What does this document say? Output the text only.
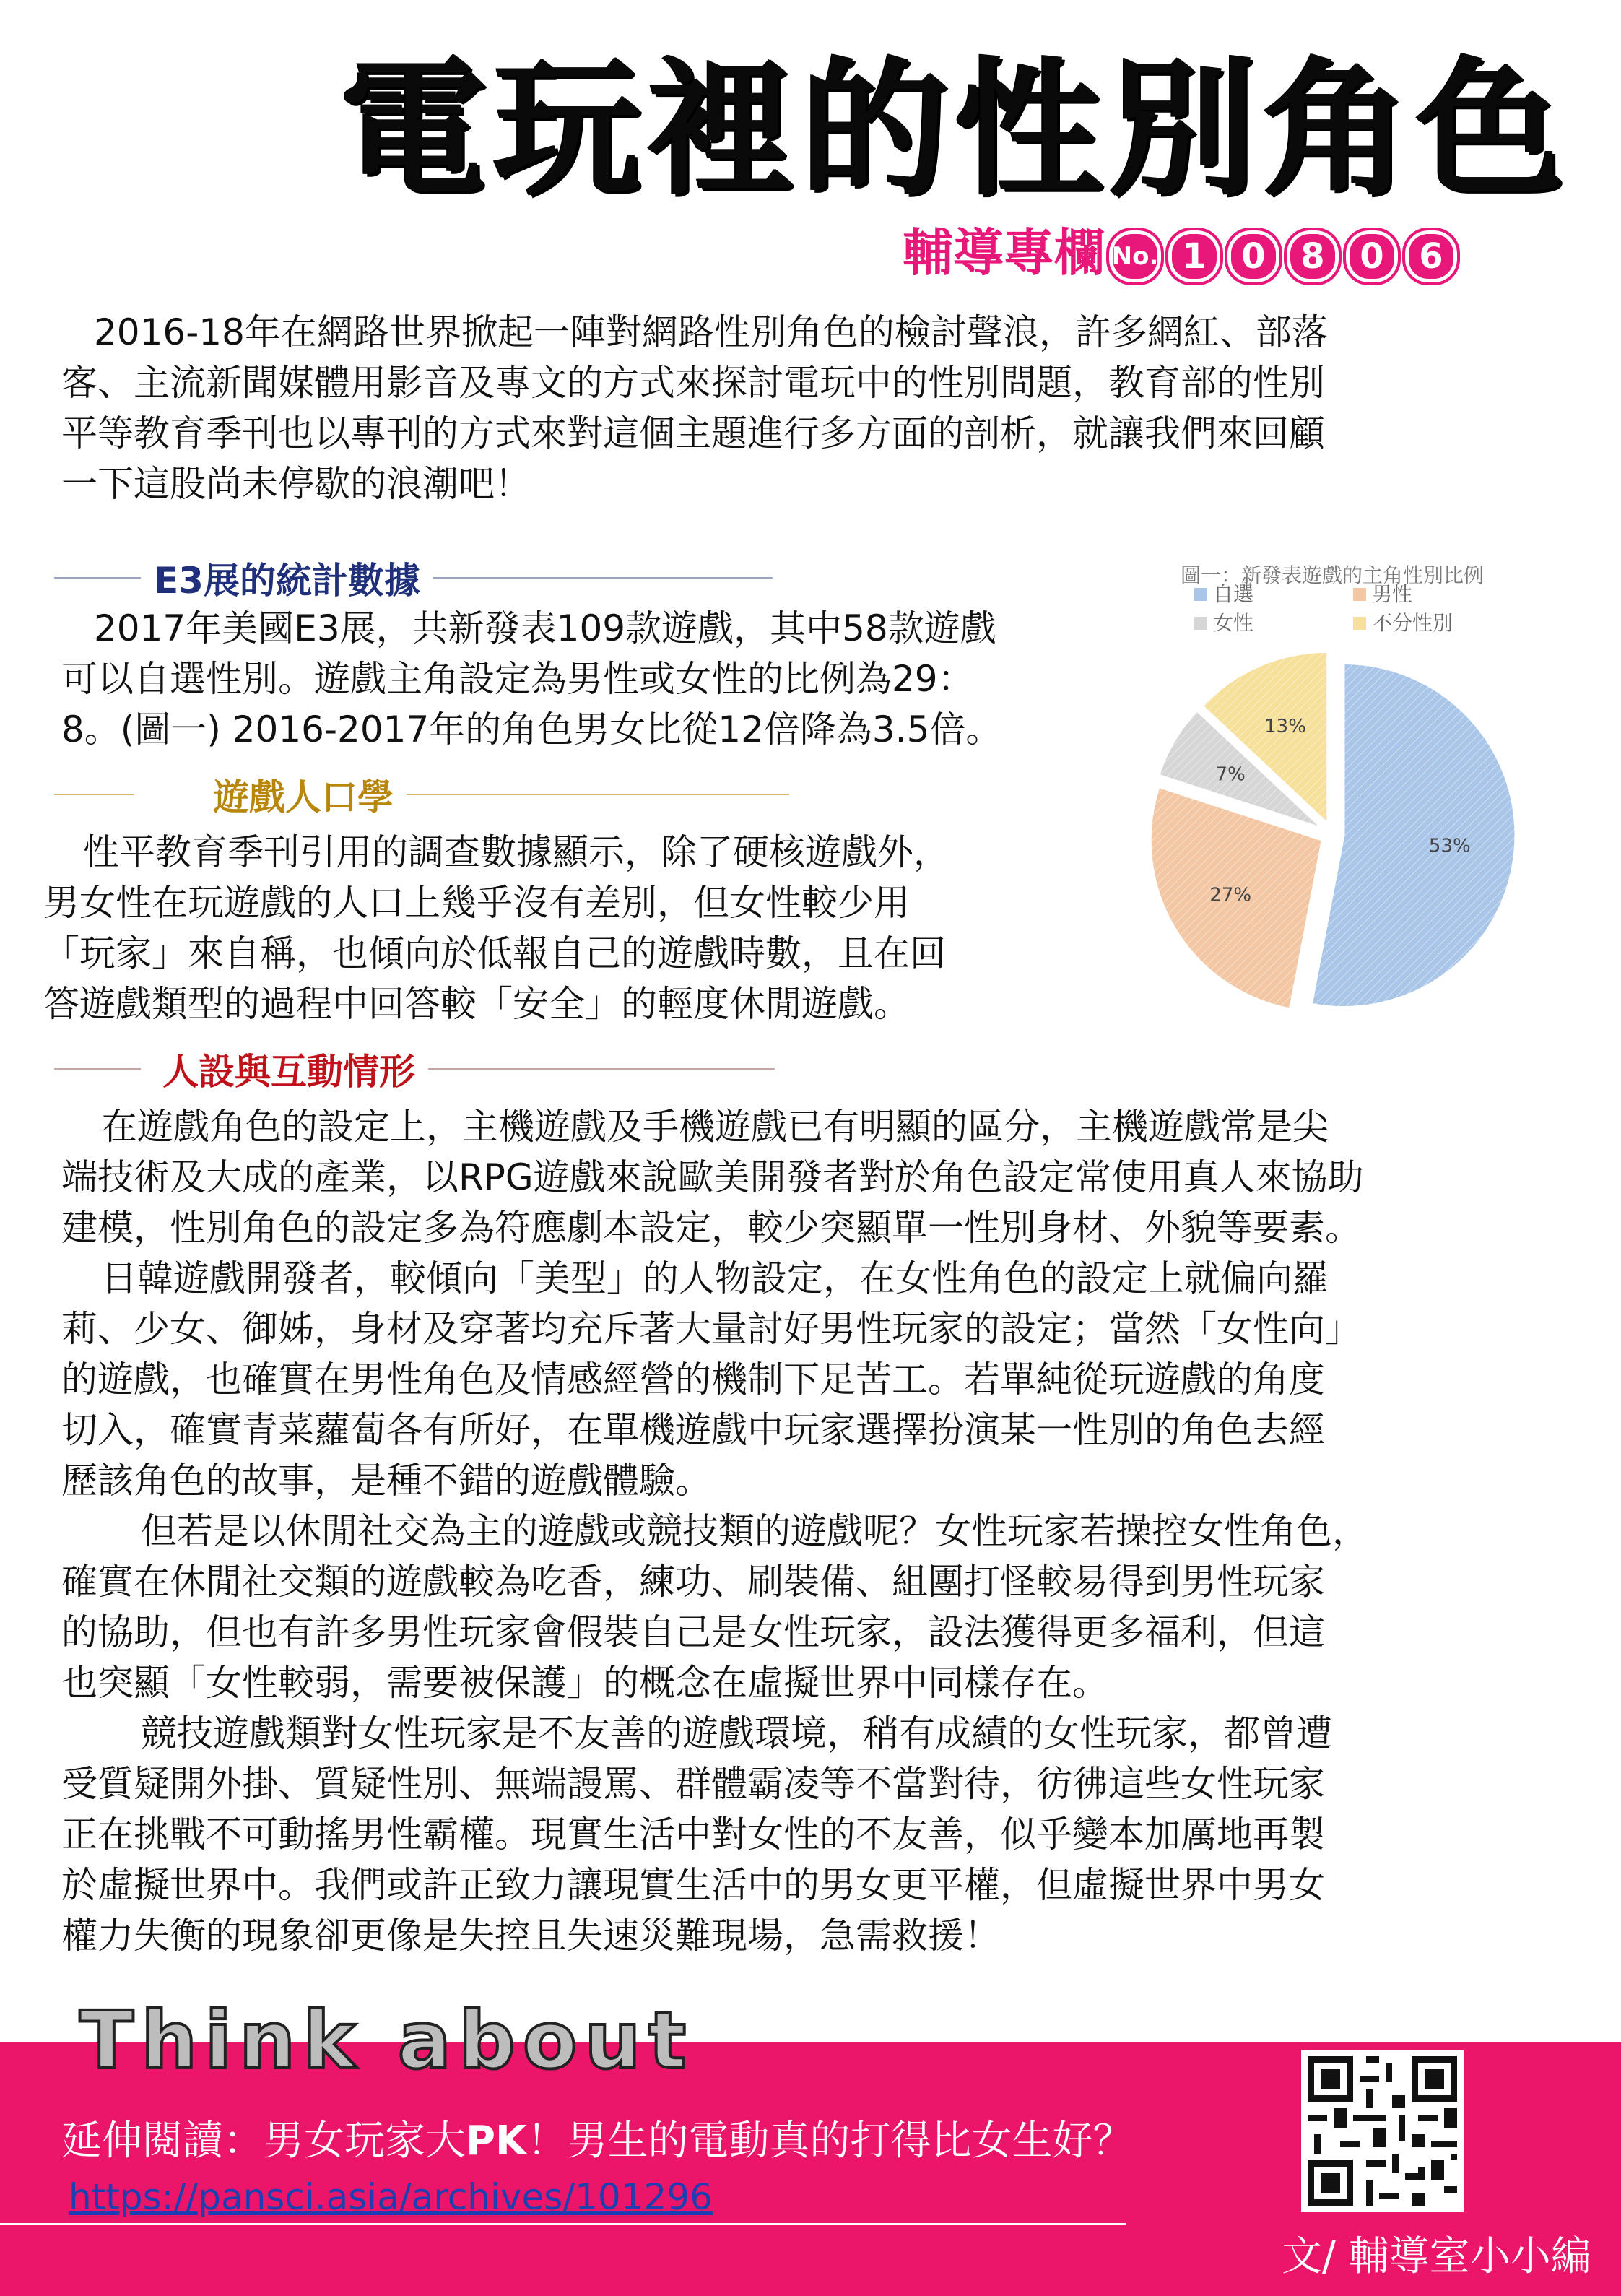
電玩裡的性別角色
輔導專欄 No. 1 0 8 0 6
2016-18年在網路世界掀起一陣對網路性別角色的檢討聲浪，許多網紅、部落
客、主流新聞媒體用影音及專文的方式來探討電玩中的性別問題，教育部的性別
平等教育季刊也以專刊的方式來對這個主題進行多方面的剖析，就讓我們來回顧
一下這股尚未停歇的浪潮吧！
E3展的統計數據
2017年美國E3展，共新發表109款遊戲，其中58款遊戲
可以自選性別。遊戲主角設定為男性或女性的比例為29：
8。(圖一) 2016-2017年的角色男女比從12倍降為3.5倍。
遊戲人口學
性平教育季刊引用的調查數據顯示，除了硬核遊戲外，
男女性在玩遊戲的人口上幾乎沒有差別，但女性較少用
「玩家」來自稱，也傾向於低報自己的遊戲時數，且在回
答遊戲類型的過程中回答較「安全」的輕度休閒遊戲。
人設與互動情形
在遊戲角色的設定上，主機遊戲及手機遊戲已有明顯的區分，主機遊戲常是尖
端技術及大成的產業，以RPG遊戲來說歐美開發者對於角色設定常使用真人來協助
建模，性別角色的設定多為符應劇本設定，較少突顯單一性別身材、外貌等要素。
日韓遊戲開發者，較傾向「美型」的人物設定，在女性角色的設定上就偏向羅
莉、少女、御姊，身材及穿著均充斥著大量討好男性玩家的設定；當然「女性向」
的遊戲，也確實在男性角色及情感經營的機制下足苦工。若單純從玩遊戲的角度
切入，確實青菜蘿蔔各有所好，在單機遊戲中玩家選擇扮演某一性別的角色去經
歷該角色的故事，是種不錯的遊戲體驗。
但若是以休閒社交為主的遊戲或競技類的遊戲呢？女性玩家若操控女性角色，
確實在休閒社交類的遊戲較為吃香，練功、刷裝備、組團打怪較易得到男性玩家
的協助，但也有許多男性玩家會假裝自己是女性玩家，設法獲得更多福利，但這
也突顯「女性較弱，需要被保護」的概念在虛擬世界中同樣存在。
競技遊戲類對女性玩家是不友善的遊戲環境，稍有成績的女性玩家，都曾遭
受質疑開外掛、質疑性別、無端謾罵、群體霸凌等不當對待，彷彿這些女性玩家
正在挑戰不可動搖男性霸權。現實生活中對女性的不友善，似乎變本加厲地再製
於虛擬世界中。我們或許正致力讓現實生活中的男女更平權，但虛擬世界中男女
權力失衡的現象卻更像是失控且失速災難現場，急需救援！
圖一：新發表遊戲的主角性別比例
自選	男性
女性	不分性別
53%
27%
7%
13%
Think about
延伸閱讀：男女玩家大PK！男生的電動真的打得比女生好？
https://pansci.asia/archives/101296
文/ 輔導室小小編
